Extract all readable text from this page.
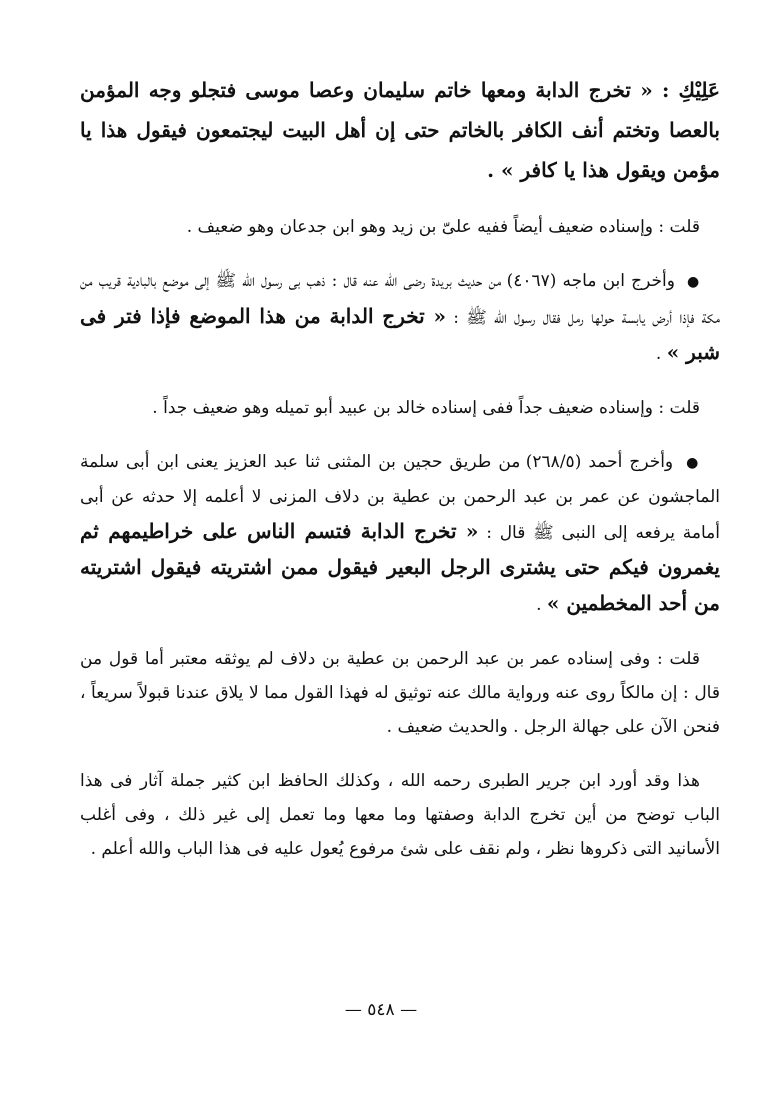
عَلِيْكِ : « تخرج الدابة ومعها خاتم سليمان وعصا موسى فتجلو وجه المؤمن بالعصا وتختم أنف الكافر بالخاتم حتى إن أهل البيت ليجتمعون فيقول هذا يا مؤمن ويقول هذا يا كافر » .

قلت : وإسناده ضعيف أيضاً ففيه علىّ بن زيد وهو ابن جدعان وهو ضعيف .

● وأخرج ابن ماجه (٤٠٦٧) من حديث بريدة رضى الله عنه قال : ذهب بى رسول الله ﷺ إلى موضع بالبادية قريب من مكة فإذا أرض يابسة حولها رمل فقال رسول الله ﷺ : « تخرج الدابة من هذا الموضع فإذا فتر فى شبر » .

قلت : وإسناده ضعيف جداً ففى إسناده خالد بن عبيد أبو تميله وهو ضعيف جداً .

● وأخرج أحمد (٢٦٨/٥) من طريق حجين بن المثنى ثنا عبد العزيز يعنى ابن أبى سلمة الماجشون عن عمر بن عبد الرحمن بن عطية بن دلاف المزنى لا أعلمه إلا حدثه عن أبى أمامة يرفعه إلى النبى ﷺ قال : « تخرج الدابة فتسم الناس على خراطيمهم ثم يغمرون فيكم حتى يشترى الرجل البعير فيقول ممن اشتريته فيقول اشتريته من أحد المخطمين » .

قلت : وفى إسناده عمر بن عبد الرحمن بن عطية بن دلاف لم يوثقه معتبر أما قول من قال : إن مالكاً روى عنه ورواية مالك عنه توثيق له فهذا القول مما لا يلاق عندنا قبولاً سريعاً ، فنحن الآن على جهالة الرجل . والحديث ضعيف .

هذا وقد أورد ابن جرير الطبرى رحمه الله ، وكذلك الحافظ ابن كثير جملة آثار فى هذا الباب توضح من أين تخرج الدابة وصفتها وما معها وما تعمل إلى غير ذلك ، وفى أغلب الأسانيد التى ذكروها نظر ، ولم نقف على شئ مرفوع يُعول عليه فى هذا الباب والله أعلم .

— ٥٤٨ —
